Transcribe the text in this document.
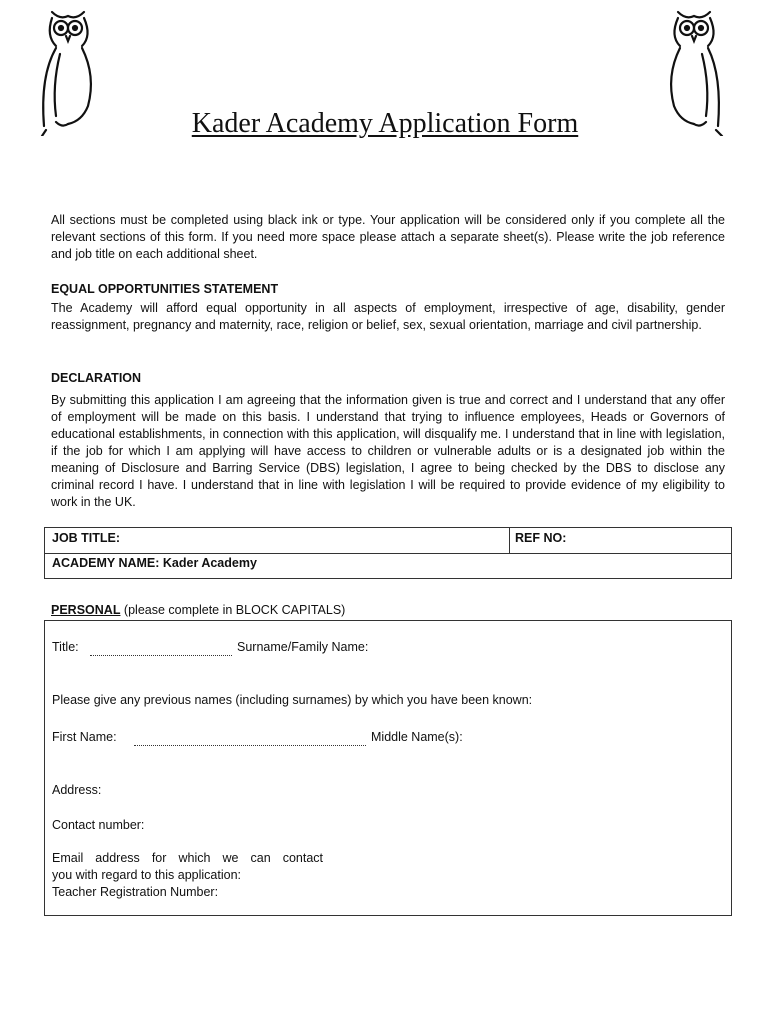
Kader Academy Application Form

All sections must be completed using black ink or type. Your application will be considered only if you complete all the relevant sections of this form. If you need more space please attach a separate sheet(s). Please write the job reference and job title on each additional sheet.

EQUAL OPPORTUNITIES STATEMENT

The Academy will afford equal opportunity in all aspects of employment, irrespective of age, disability, gender reassignment, pregnancy and maternity, race, religion or belief, sex, sexual orientation, marriage and civil partnership.

DECLARATION

By submitting this application I am agreeing that the information given is true and correct and I understand that any offer of employment will be made on this basis. I understand that trying to influence employees, Heads or Governors of educational establishments, in connection with this application, will disqualify me. I understand that in line with legislation, if the job for which I am applying will have access to children or vulnerable adults or is a designated job within the meaning of Disclosure and Barring Service (DBS) legislation, I agree to being checked by the DBS to disclose any criminal record I have. I understand that in line with legislation I will be required to provide evidence of my eligibility to work in the UK.

JOB TITLE:	REF NO:
ACADEMY NAME: Kader Academy
PERSONAL (please complete in BLOCK CAPITALS)
Title:	Surname/Family Name:
Please give any previous names (including surnames) by which you have been known:
First Name:	Middle Name(s):
Address:
Contact number:
Email address for which we can contact
you with regard to this application:
Teacher Registration Number:
